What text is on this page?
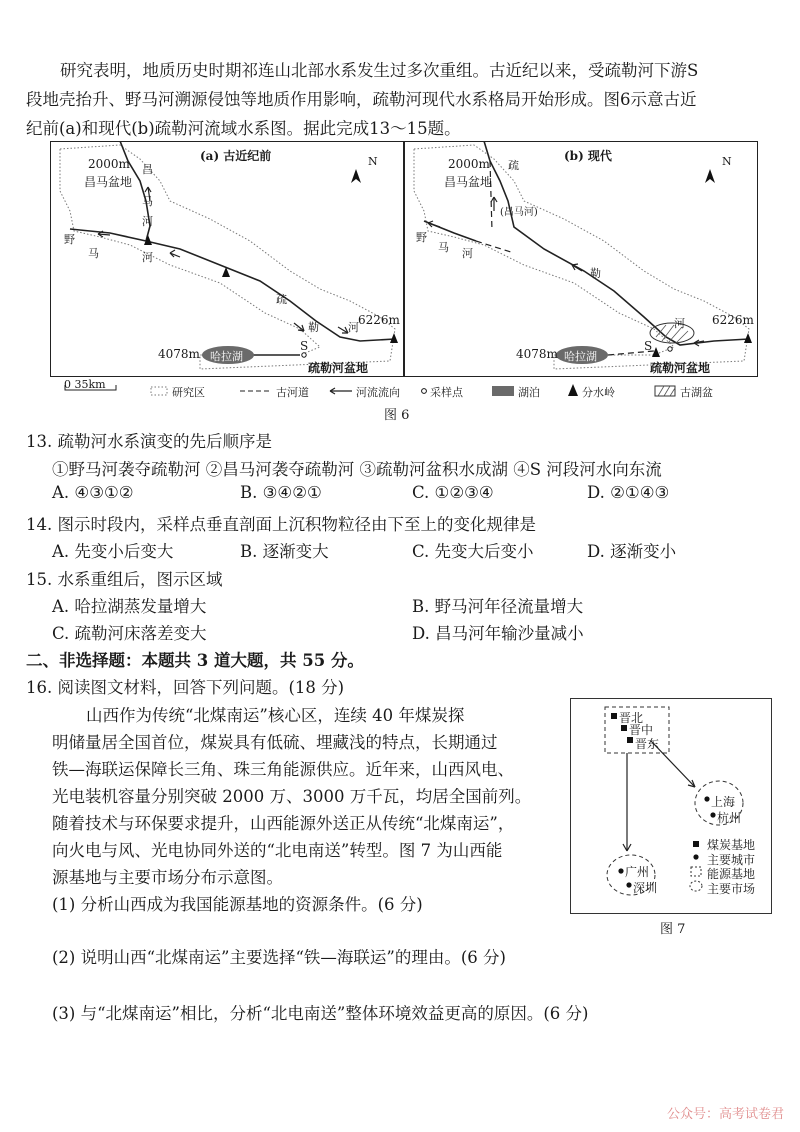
研究表明，地质历史时期祁连山北部水系发生过多次重组。古近纪以来，受疏勒河下游S
段地壳抬升、野马河溯源侵蚀等地质作用影响，疏勒河现代水系格局开始形成。图6示意古近
纪前(a)和现代(b)疏勒河流域水系图。据此完成13～15题。
(a) 古近纪前	N
2000m
昌马盆地
昌
马
河
野
马	河
疏
勒	河
6226m
4078m 哈拉湖
S
疏勒河盆地
(b) 现代	N
2000m
昌马盆地
疏
(昌马河)
野
马 河
勒
河 6226m
4078m 哈拉湖
S
疏勒河盆地
0 35km
研究区	古河道	河流流向	采样点	湖泊	分水岭	古湖盆
图 6
13. 疏勒河水系演变的先后顺序是
①野马河袭夺疏勒河 ②昌马河袭夺疏勒河 ③疏勒河盆积水成湖 ④S 河段河水向东流
A. ④③①②	B. ③④②①	C. ①②③④	D. ②①④③
14. 图示时段内，采样点垂直剖面上沉积物粒径由下至上的变化规律是
A. 先变小后变大	B. 逐渐变大	C. 先变大后变小	D. 逐渐变小
15. 水系重组后，图示区域
A. 哈拉湖蒸发量增大	B. 野马河年径流量增大
C. 疏勒河床落差变大	D. 昌马河年输沙量减小
二、非选择题：本题共 3 道大题，共 55 分。
16. 阅读图文材料，回答下列问题。(18 分)
山西作为传统“北煤南运”核心区，连续 40 年煤炭探
明储量居全国首位，煤炭具有低硫、埋藏浅的特点，长期通过
铁—海联运保障长三角、珠三角能源供应。近年来，山西风电、
光电装机容量分别突破 2000 万、3000 万千瓦，均居全国前列。
随着技术与环保要求提升，山西能源外送正从传统“北煤南运”，
向火电与风、光电协同外送的“北电南送”转型。图 7 为山西能
源基地与主要市场分布示意图。
(1) 分析山西成为我国能源基地的资源条件。(6 分)
(2) 说明山西“北煤南运”主要选择“铁—海联运”的理由。(6 分)
(3) 与“北煤南运”相比，分析“北电南送”整体环境效益更高的原因。(6 分)
晋北
晋中
晋东
上海
杭州
广州
深圳
煤炭基地
主要城市
能源基地
主要市场
图 7
公众号：高考试卷君
